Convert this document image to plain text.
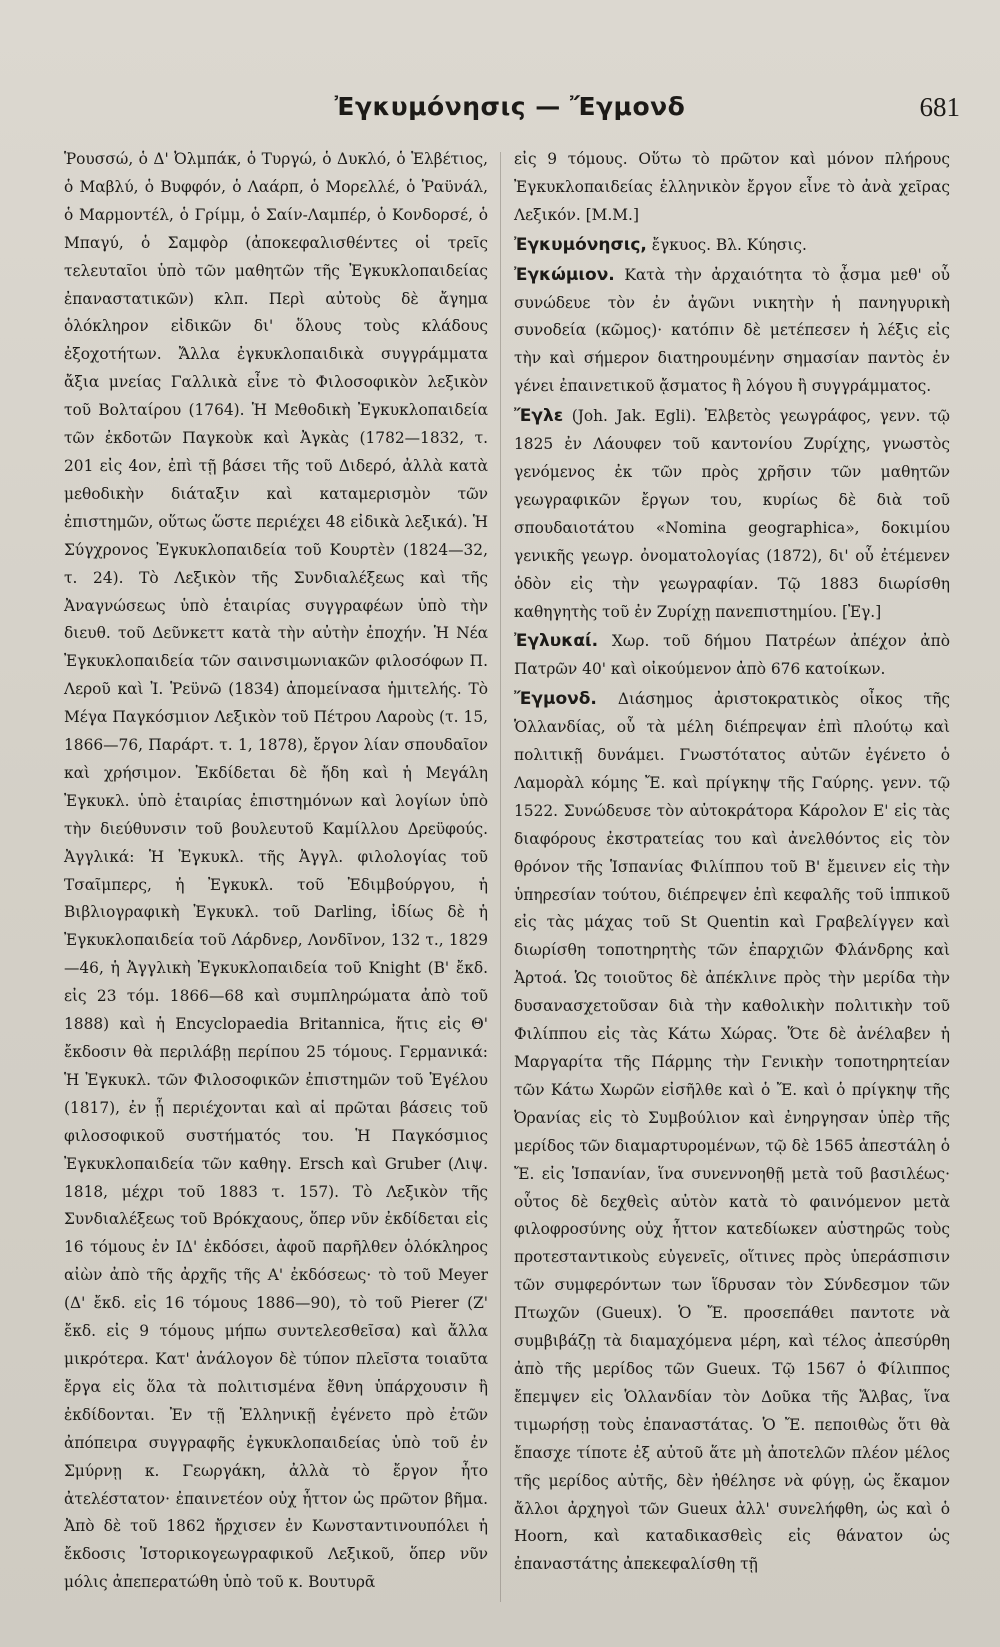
Ἐγκυμόνησις — Ἔγμονδ	681

Ῥουσσώ, ὁ Δ' Ὀλμπάκ, ὁ Τυργώ, ὁ Δυκλό, ὁ Ἑλβέτιος, ὁ Μαβλύ, ὁ Βυφφόν, ὁ Λαάρπ, ὁ Μορελλέ, ὁ Ῥαϋνάλ, ὁ Μαρμοντέλ, ὁ Γρίμμ, ὁ Σαίν-Λαμπέρ, ὁ Κονδορσέ, ὁ Μπαγύ, ὁ Σαμφὸρ (ἀποκεφαλισθέντες οἱ τρεῖς τελευταῖοι ὑπὸ τῶν μαθητῶν τῆς Ἐγκυκλοπαιδείας ἐπαναστατικῶν) κλπ. Περὶ αὐτοὺς δὲ ἄγημα ὁλόκληρον εἰδικῶν δι' ὅλους τοὺς κλάδους ἐξοχοτήτων. Ἄλλα ἐγκυκλοπαιδικὰ συγγράμματα ἄξια μνείας Γαλλικὰ εἶνε τὸ Φιλοσοφικὸν λεξικὸν τοῦ Βολταίρου (1764). Ἡ Μεθοδικὴ Ἐγκυκλοπαιδεία τῶν ἐκδοτῶν Παγκοὺκ καὶ Ἀγκὰς (1782—1832, τ. 201 εἰς 4ον, ἐπὶ τῇ βάσει τῆς τοῦ Διδερό, ἀλλὰ κατὰ μεθοδικὴν διάταξιν καὶ καταμερισμὸν τῶν ἐπιστημῶν, οὕτως ὥστε περιέχει 48 εἰδικὰ λεξικά). Ἡ Σύγχρονος Ἐγκυκλοπαιδεία τοῦ Κουρτὲν (1824—32, τ. 24). Τὸ Λεξικὸν τῆς Συνδιαλέξεως καὶ τῆς Ἀναγνώσεως ὑπὸ ἑταιρίας συγγραφέων ὑπὸ τὴν διευθ. τοῦ Δεῦνκεττ κατὰ τὴν αὐτὴν ἐποχήν. Ἡ Νέα Ἐγκυκλοπαιδεία τῶν σαινσιμωνιακῶν φιλοσόφων Π. Λεροῦ καὶ Ἰ. Ῥεϋνῶ (1834) ἀπομείνασα ἡμιτελής. Τὸ Μέγα Παγκόσμιον Λεξικὸν τοῦ Πέτρου Λαρoὺς (τ. 15, 1866—76, Παράρτ. τ. 1, 1878), ἔργον λίαν σπουδαῖον καὶ χρήσιμον. Ἐκδίδεται δὲ ἤδη καὶ ἡ Μεγάλη Ἐγκυκλ. ὑπὸ ἑταιρίας ἐπιστημόνων καὶ λογίων ὑπὸ τὴν διεύθυνσιν τοῦ βουλευτοῦ Καμίλλου Δρεϋφούς. Ἀγγλικά: Ἡ Ἐγκυκλ. τῆς Ἀγγλ. φιλολογίας τοῦ Τσαῖμπερς, ἡ Ἐγκυκλ. τοῦ Ἐδιμβούργου, ἡ Βιβλιογραφικὴ Ἐγκυκλ. τοῦ Darling, ἰδίως δὲ ἡ Ἐγκυκλοπαιδεία τοῦ Λάρδνερ, Λονδῖνον, 132 τ., 1829—46, ἡ Ἀγγλικὴ Ἐγκυκλοπαιδεία τοῦ Knight (Β' ἔκδ. εἰς 23 τόμ. 1866—68 καὶ συμπληρώματα ἀπὸ τοῦ 1888) καὶ ἡ Encyclopaedia Britannica, ἥτις εἰς Θ' ἔκδοσιν θὰ περιλάβῃ περίπου 25 τόμους. Γερμανικά: Ἡ Ἐγκυκλ. τῶν Φιλοσοφικῶν ἐπιστημῶν τοῦ Ἑγέλου (1817), ἐν ᾗ περιέχονται καὶ αἱ πρῶται βάσεις τοῦ φιλοσοφικοῦ συστήματός του. Ἡ Παγκόσμιος Ἐγκυκλοπαιδεία τῶν καθηγ. Ersch καὶ Gruber (Λιψ. 1818, μέχρι τοῦ 1883 τ. 157). Τὸ Λεξικὸν τῆς Συνδιαλέξεως τοῦ Βρόκχαους, ὅπερ νῦν ἐκδίδεται εἰς 16 τόμους ἐν ΙΔ' ἐκδόσει, ἀφοῦ παρῆλθεν ὁλόκληρος αἰὼν ἀπὸ τῆς ἀρχῆς τῆς Α' ἐκδόσεως· τὸ τοῦ Meyer (Δ' ἔκδ. εἰς 16 τόμους 1886—90), τὸ τοῦ Pierer (Ζ' ἔκδ. εἰς 9 τόμους μήπω συντελεσθεῖσα) καὶ ἄλλα μικρότερα. Κατ' ἀνάλογον δὲ τύπον πλεῖστα τοιαῦτα ἔργα εἰς ὅλα τὰ πολιτισμένα ἔθνη ὑπάρχουσιν ἢ ἐκδίδονται. Ἐν τῇ Ἑλληνικῇ ἐγένετο πρὸ ἐτῶν ἀπόπειρα συγγραφῆς ἐγκυκλοπαιδείας ὑπὸ τοῦ ἐν Σμύρνῃ κ. Γεωργάκη, ἀλλὰ τὸ ἔργον ἦτο ἀτελέστατον· ἐπαινετέον οὐχ ἧττον ὡς πρῶτον βῆμα. Ἀπὸ δὲ τοῦ 1862 ἤρχισεν ἐν Κωνσταντινουπόλει ἡ ἔκδοσις Ἱστορικογεωγραφικοῦ Λεξικοῦ, ὅπερ νῦν μόλις ἀπεπερατώθη ὑπὸ τοῦ κ. Βουτυρᾶ

εἰς 9 τόμους. Οὕτω τὸ πρῶτον καὶ μόνον πλήρους Ἐγκυκλοπαιδείας ἑλληνικὸν ἔργον εἶνε τὸ ἀνὰ χεῖρας Λεξικόν. [Μ.Μ.]

Ἐγκυμόνησις, ἔγκυος. Βλ. Κύησις.

Ἐγκώμιον. Κατὰ τὴν ἀρχαιότητα τὸ ᾆσμα μεθ' οὗ συνώδευε τὸν ἐν ἀγῶνι νικητὴν ἡ πανηγυρικὴ συνοδεία (κῶμος)· κατόπιν δὲ μετέπεσεν ἡ λέξις εἰς τὴν καὶ σήμερον διατηρουμένην σημασίαν παντὸς ἐν γένει ἐπαινετικοῦ ᾄσματος ἢ λόγου ἢ συγγράμματος.

Ἔγλε (Joh. Jak. Egli). Ἑλβετὸς γεωγράφος, γενν. τῷ 1825 ἐν Λάουφεν τοῦ καντονίου Ζυρίχης, γνωστὸς γενόμενος ἐκ τῶν πρὸς χρῆσιν τῶν μαθητῶν γεωγραφικῶν ἔργων του, κυρίως δὲ διὰ τοῦ σπουδαιοτάτου «Nomina geographica», δοκιμίου γενικῆς γεωγρ. ὀνοματολογίας (1872), δι' οὗ ἐτέμενεν ὁδὸν εἰς τὴν γεωγραφίαν. Τῷ 1883 διωρίσθη καθηγητὴς τοῦ ἐν Ζυρίχῃ πανεπιστημίου. [Ἐγ.]

Ἐγλυκαί. Χωρ. τοῦ δήμου Πατρέων ἀπέχον ἀπὸ Πατρῶν 40' καὶ οἰκούμενον ἀπὸ 676 κατοίκων.

Ἔγμονδ. Διάσημος ἀριστοκρατικὸς οἶκος τῆς Ὁλλανδίας, οὗ τὰ μέλη διέπρεψαν ἐπὶ πλούτῳ καὶ πολιτικῇ δυνάμει. Γνωστότατος αὐτῶν ἐγένετο ὁ Λαμορὰλ κόμης Ἔ. καὶ πρίγκηψ τῆς Γαύρης. γενν. τῷ 1522. Συνώδευσε τὸν αὐτοκράτορα Κάρολον Ε' εἰς τὰς διαφόρους ἐκστρατείας του καὶ ἀνελθόντος εἰς τὸν θρόνον τῆς Ἱσπανίας Φιλίππου τοῦ Β' ἔμεινεν εἰς τὴν ὑπηρεσίαν τούτου, διέπρεψεν ἐπὶ κεφαλῆς τοῦ ἱππικοῦ εἰς τὰς μάχας τοῦ St Quentin καὶ Γραβελίγγεν καὶ διωρίσθη τοποτηρητὴς τῶν ἐπαρχιῶν Φλάνδρης καὶ Ἀρτοά. Ὡς τοιοῦτος δὲ ἀπέκλινε πρὸς τὴν μερίδα τὴν δυσανασχετοῦσαν διὰ τὴν καθολικὴν πολιτικὴν τοῦ Φιλίππου εἰς τὰς Κάτω Χώρας. Ὅτε δὲ ἀνέλαβεν ἡ Μαργαρίτα τῆς Πάρμης τὴν Γενικὴν τοποτηρητείαν τῶν Κάτω Χωρῶν εἰσῆλθε καὶ ὁ Ἔ. καὶ ὁ πρίγκηψ τῆς Ὀρανίας εἰς τὸ Συμβούλιον καὶ ἐνηργησαν ὑπὲρ τῆς μερίδος τῶν διαμαρτυρομένων, τῷ δὲ 1565 ἀπεστάλη ὁ Ἔ. εἰς Ἱσπανίαν, ἵνα συνεννοηθῇ μετὰ τοῦ βασιλέως· οὗτος δὲ δεχθεὶς αὐτὸν κατὰ τὸ φαινόμενον μετὰ φιλοφροσύνης οὐχ ἧττον κατεδίωκεν αὐστηρῶς τοὺς προτεσταντικοὺς εὐγενεῖς, οἵτινες πρὸς ὑπεράσπισιν τῶν συμφερόντων των ἵδρυσαν τὸν Σύνδεσμον τῶν Πτωχῶν (Gueux). Ὁ Ἔ. προσεπάθει παντοτε νὰ συμβιβάζῃ τὰ διαμαχόμενα μέρη, καὶ τέλος ἀπεσύρθη ἀπὸ τῆς μερίδος τῶν Gueux. Τῷ 1567 ὁ Φίλιππος ἔπεμψεν εἰς Ὁλλανδίαν τὸν Δοῦκα τῆς Ἄλβας, ἵνα τιμωρήσῃ τοὺς ἐπαναστάτας. Ὁ Ἔ. πεποιθὼς ὅτι θὰ ἔπασχε τίποτε ἐξ αὐτοῦ ἅτε μὴ ἀποτελῶν πλέον μέλος τῆς μερίδος αὐτῆς, δὲν ἠθέλησε νὰ φύγῃ, ὡς ἔκαμον ἄλλοι ἀρχηγοὶ τῶν Gueux ἀλλ' συνελήφθη, ὡς καὶ ὁ Hoorn, καὶ καταδικασθεὶς εἰς θάνατον ὡς ἐπαναστάτης ἀπεκεφαλίσθη τῇ
